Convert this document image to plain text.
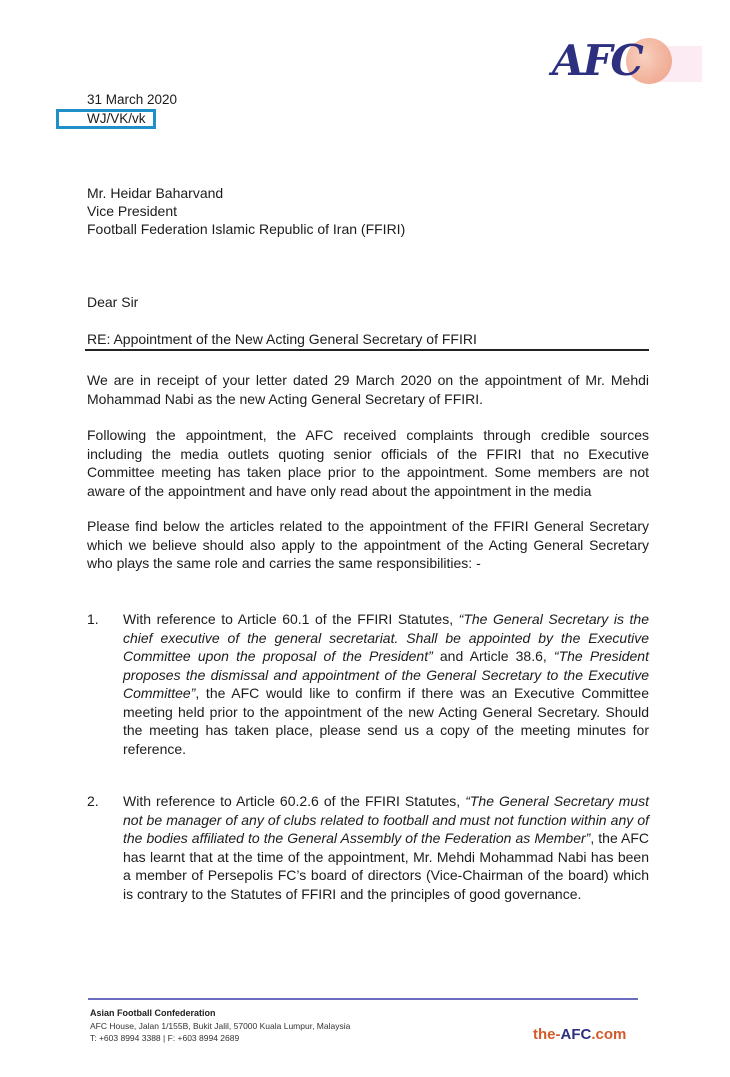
AFC
31 March 2020
WJ/VK/vk
Mr. Heidar Baharvand
Vice President
Football Federation Islamic Republic of Iran (FFIRI)
Dear Sir
RE: Appointment of the New Acting General Secretary of FFIRI

We are in receipt of your letter dated 29 March 2020 on the appointment of Mr. Mehdi Mohammad Nabi as the new Acting General Secretary of FFIRI.

Following the appointment, the AFC received complaints through credible sources including the media outlets quoting senior officials of the FFIRI that no Executive Committee meeting has taken place prior to the appointment. Some members are not aware of the appointment and have only read about the appointment in the media

Please find below the articles related to the appointment of the FFIRI General Secretary which we believe should also apply to the appointment of the Acting General Secretary who plays the same role and carries the same responsibilities: -

1. With reference to Article 60.1 of the FFIRI Statutes, “The General Secretary is the chief executive of the general secretariat. Shall be appointed by the Executive Committee upon the proposal of the President” and Article 38.6, “The President proposes the dismissal and appointment of the General Secretary to the Executive Committee”, the AFC would like to confirm if there was an Executive Committee meeting held prior to the appointment of the new Acting General Secretary. Should the meeting has taken place, please send us a copy of the meeting minutes for reference.

2. With reference to Article 60.2.6 of the FFIRI Statutes, “The General Secretary must not be manager of any of clubs related to football and must not function within any of the bodies affiliated to the General Assembly of the Federation as Member”, the AFC has learnt that at the time of the appointment, Mr. Mehdi Mohammad Nabi has been a member of Persepolis FC’s board of directors (Vice-Chairman of the board) which is contrary to the Statutes of FFIRI and the principles of good governance.

Asian Football Confederation
AFC House, Jalan 1/155B, Bukit Jalil, 57000 Kuala Lumpur, Malaysia
T: +603 8994 3388 | F: +603 8994 2689	the-AFC.com
